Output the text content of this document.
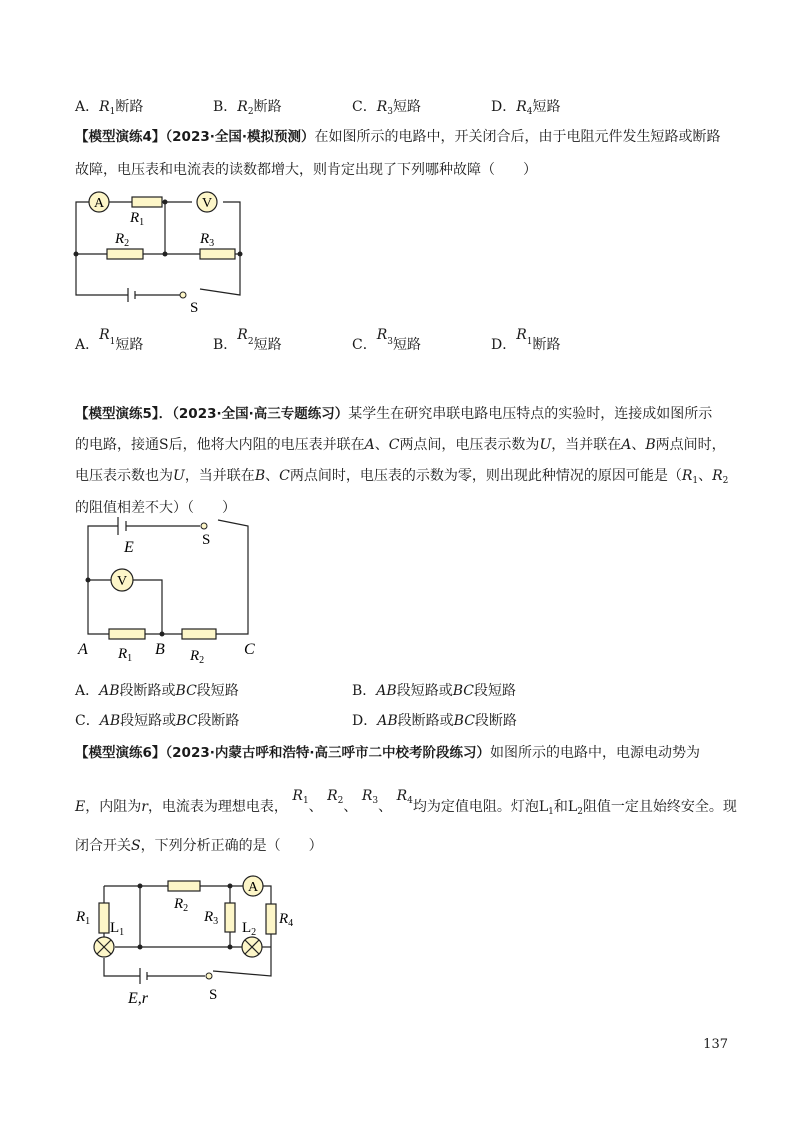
A．$R_1$断路	B．$R_2$断路	C．$R_3$短路	D．$R_4$短路
【模型演练4】（2023·全国·模拟预测）在如图所示的电路中，开关闭合后，由于电阻元件发生短路或断路
故障，电压表和电流表的读数都增大，则肯定出现了下列哪种故障（　　）
A	V
$R_1$
$R_2$	$R_3$
S
A．$R^1$短路	B．$R^2$短路	C．$R^3$短路	D．$R^1$断路
【模型演练5】．（2023·全国·高三专题练习）某学生在研究串联电路电压特点的实验时，连接成如图所示
的电路，接通S后，他将大内阻的电压表并联在A、C两点间，电压表示数为U，当并联在A、B两点间时，
电压表示数也为U，当并联在B、C两点间时，电压表的示数为零，则出现此种情况的原因可能是（$R_1$、$R_2$
的阻值相差不大）（　　）
V
E	S
A	B	C
$R_1$	$R_2$
A．AB段断路或BC段短路	B．AB段短路或BC段短路
C．AB段短路或BC段断路	D．AB段断路或BC段断路
【模型演练6】（2023·内蒙古呼和浩特·高三呼市二中校考阶段练习）如图所示的电路中，电源电动势为
E，内阻为r，电流表为理想电表， $R_1$、 $R_2$、 $R_3$、 $R_4$均为定值电阻。灯泡$L_1$和$L_2$阻值一定且始终安全。现
闭合开关S，下列分析正确的是（　　）
A
$R_1$
$R_2$
$R_3$	$R_4$
$L_1$	$L_2$
E,r	S
137
